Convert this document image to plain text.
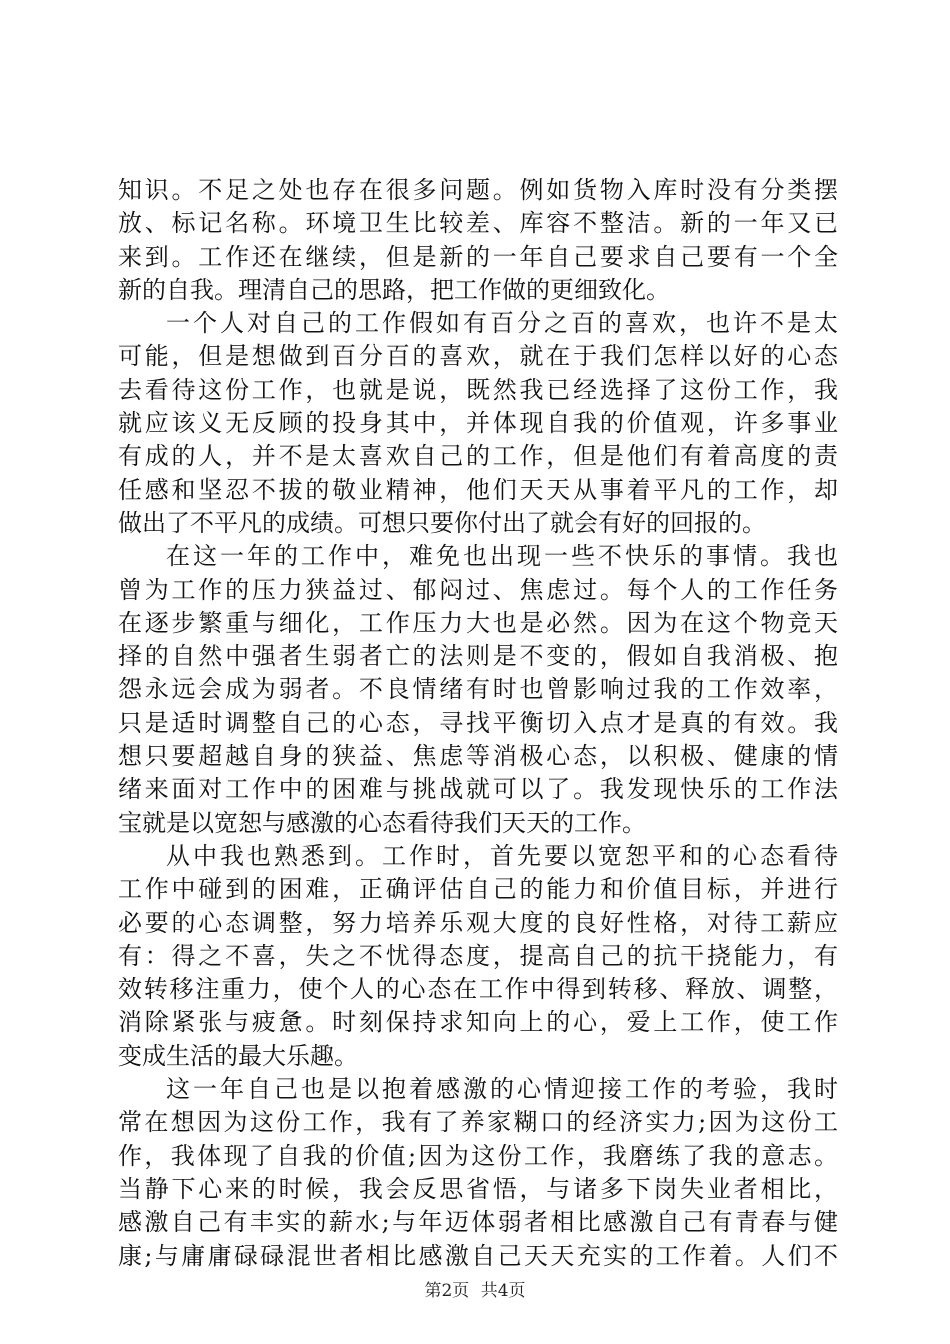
知识。不足之处也存在很多问题。例如货物入库时没有分类摆
放、标记名称。环境卫生比较差、库容不整洁。新的一年又已
来到。工作还在继续，但是新的一年自己要求自己要有一个全
新的自我。理清自己的思路，把工作做的更细致化。
一个人对自己的工作假如有百分之百的喜欢，也许不是太
可能，但是想做到百分百的喜欢，就在于我们怎样以好的心态
去看待这份工作，也就是说，既然我已经选择了这份工作，我
就应该义无反顾的投身其中，并体现自我的价值观，许多事业
有成的人，并不是太喜欢自己的工作，但是他们有着高度的责
任感和坚忍不拔的敬业精神，他们天天从事着平凡的工作，却
做出了不平凡的成绩。可想只要你付出了就会有好的回报的。
在这一年的工作中，难免也出现一些不快乐的事情。我也
曾为工作的压力狭益过、郁闷过、焦虑过。每个人的工作任务
在逐步繁重与细化，工作压力大也是必然。因为在这个物竞天
择的自然中强者生弱者亡的法则是不变的，假如自我消极、抱
怨永远会成为弱者。不良情绪有时也曾影响过我的工作效率，
只是适时调整自己的心态，寻找平衡切入点才是真的有效。我
想只要超越自身的狭益、焦虑等消极心态，以积极、健康的情
绪来面对工作中的困难与挑战就可以了。我发现快乐的工作法
宝就是以宽恕与感激的心态看待我们天天的工作。
从中我也熟悉到。工作时，首先要以宽恕平和的心态看待
工作中碰到的困难，正确评估自己的能力和价值目标，并进行
必要的心态调整，努力培养乐观大度的良好性格，对待工薪应
有：得之不喜，失之不忧得态度，提高自己的抗干挠能力，有
效转移注重力，使个人的心态在工作中得到转移、释放、调整，
消除紧张与疲惫。时刻保持求知向上的心，爱上工作，使工作
变成生活的最大乐趣。
这一年自己也是以抱着感激的心情迎接工作的考验，我时
常在想因为这份工作，我有了养家糊口的经济实力;因为这份工
作，我体现了自我的价值;因为这份工作，我磨练了我的意志。
当静下心来的时候，我会反思省悟，与诸多下岗失业者相比，
感激自己有丰实的薪水;与年迈体弱者相比感激自己有青春与健
康;与庸庸碌碌混世者相比感激自己天天充实的工作着。人们不
第2页 共4页
